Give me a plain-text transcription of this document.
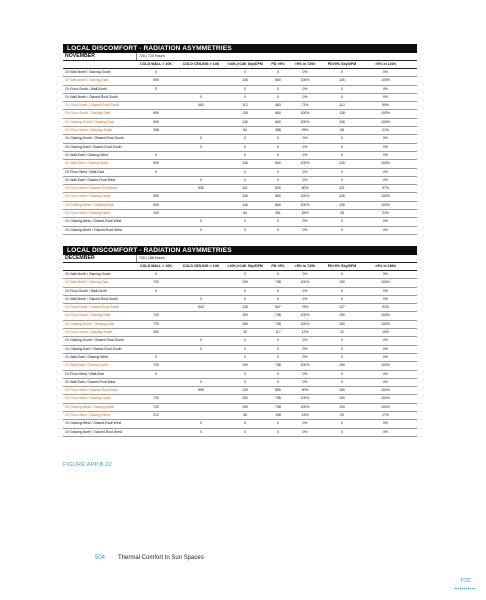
LOCAL DISCOMFORT - RADIATION ASYMMETRIES
NOVEMBER	720 | 720 Hours
COLD WALL > 10K	COLD CEILING > 14K	>10K,/>14K Sky/DFM	PD >5%	>5% in 720h	PD>5% Sky/DFM	>5% in 120h
Ch Wall-North / Glazing-South	0	0	0	0%	0	0%
Ch Wall-North / Glazing-East	690	126	660	100%	126	100%
Ch Floor-South / Wall-North	0	0	0	0%	0	0%
Ch Wall-North / Glazed-Roof-South	0	0	0	0%	0	0%
Ch Floor-North / Glazed-Roof-South	463	112	463	71%	112	90%
Ch Floor-South / Glazing-East	690	126	660	100%	126	100%
Ch Glazing-South / Glazing-East	690	126	660	100%	126	100%
Ch Floor-South / Glazing-South	298	84	388	29%	28	21%
Ch Glazing-South / Glazed-Roof-South	0	0	0	0%	0	0%
Ch Glazing-East / Glazed-Roof-South	0	0	0	0%	0	0%
Ch Wall-East / Glazing-West	0	0	0	0%	0	0%
Ch Wall-East / Glazing-North	690	126	660	100%	126	100%
Ch Floor-West / Wall-East	0	0	0	0%	0	0%
Ch Wall-East / Glazed-Roof-West	0	0	0	0%	0	0%
Ch Floor-West / Glazed-Roof-West	536	121	530	80%	121	97%
Ch Floor-West / Glazing-North	690	126	660	100%	126	100%
Ch Glazing-West / Glazing-North	690	126	660	100%	126	100%
Ch Floor-West / Glazing-West	342	84	351	26%	28	22%
Ch Glazing-West / Glazed-Roof-West	0	0	0	0%	0	0%
Ch Glazing-North / Glazed-Roof-West	0	0	0	0%	0	0%
LOCAL DISCOMFORT - RADIATION ASYMMETRIES
DECEMBER	720 | 186 Hours
COLD WALL > 10K	COLD CEILING > 14K	>10K,/>14K Sky/DFM	PD >5%	>5% in 720h	PD>5% Sky/DFM	>5% in 186h
Ch Wall-North / Glazing-South	0	0	0	0%	0	0%
Ch Wall-North / Glazing-East	720	190	738	100%	190	100%
Ch Floor-South / Wall-North	0	0	0	0%	0	0%
Ch Wall-North / Glazed-Roof-South	0	0	0	0%	0	0%
Ch Floor-North / Glazed-Roof-South	542	128	547	75%	127	91%
Ch Floor-South / Glazing-East	720	190	738	100%	190	100%
Ch Glazing-South / Glazing-East	720	189	738	100%	190	100%
Ch Floor-South / Glazing-South	269	40	117	12%	12	10%
Ch Glazing-South / Glazed-Roof-South	0	0	0	0%	0	0%
Ch Glazing-East / Glazed-Roof-South	0	0	0	0%	0	0%
Ch Wall-East / Glazing-West	0	0	0	0%	0	0%
Ch Wall-East / Glazing-North	720	190	738	100%	190	100%
Ch Floor-West / Wall-East	0	0	0	0%	0	0%
Ch Wall-East / Glazed-Roof-West	0	0	0	0%	0	0%
Ch Floor-West / Glazed-Roof-West	595	130	595	90%	150	100%
Ch Floor-West / Glazing-North	720	190	738	100%	190	100%
Ch Glazing-West / Glazing-North	720	190	738	100%	190	100%
Ch Floor-West / Glazing-West	212	56	108	15%	20	17%
Ch Glazing-West / Glazed-Roof-West	0	0	0	0%	0	0%
Ch Glazing-North / Glazed-Roof-West	0	0	0	0%	0	0%
FIGURE APP.B.22
504 Thermal Comfort In Sun Spaces
TOC
